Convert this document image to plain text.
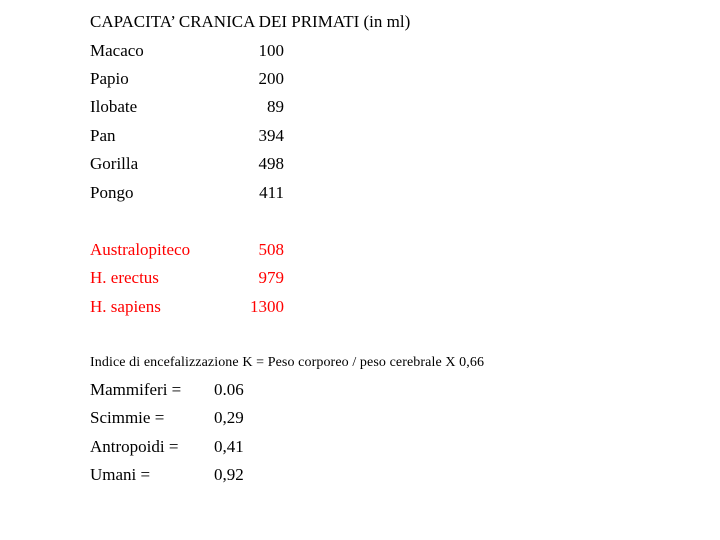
CAPACITA’ CRANICA DEI PRIMATI (in ml)
Macaco	100
Papio	200
Ilobate	89
Pan	394
Gorilla	498
Pongo	411
Australopiteco	508
H. erectus	979
H. sapiens	1300
Indice di encefalizzazione K = Peso corporeo / peso cerebrale X 0,66
Mammiferi = 0.06
Scimmie =	0,29
Antropoidi = 0,41
Umani =	0,92
